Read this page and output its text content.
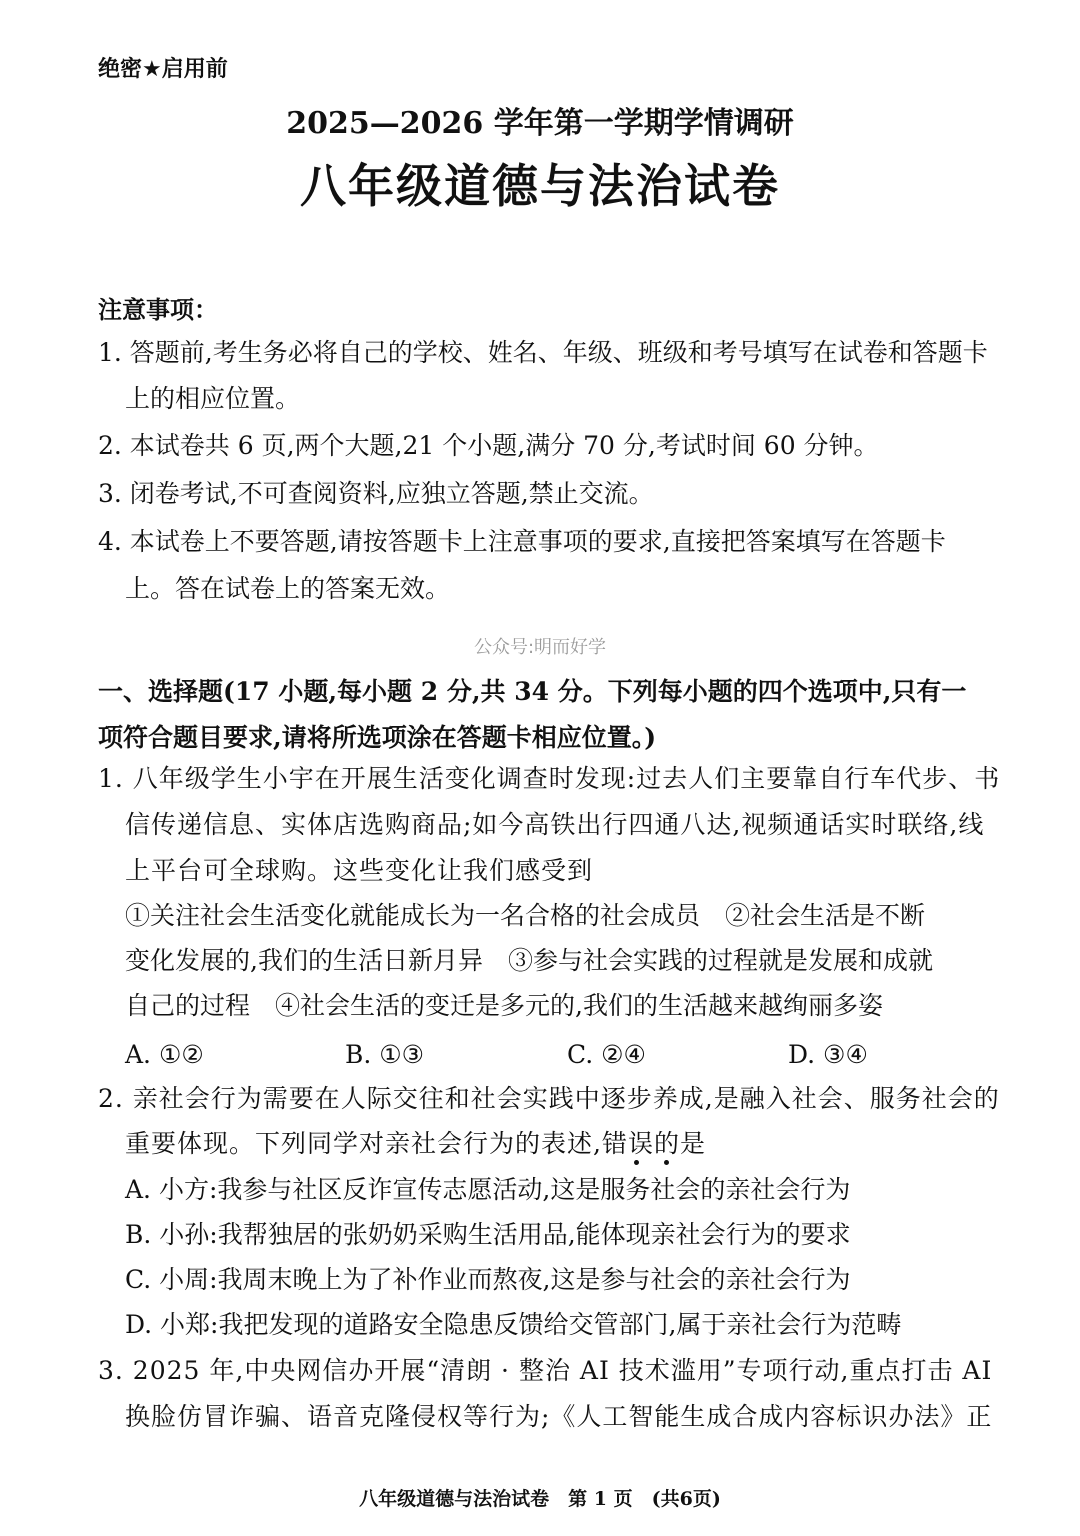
绝密★启用前
2025—2026 学年第一学期学情调研
八年级道德与法治试卷
注意事项：
1. 答题前,考生务必将自己的学校、姓名、年级、班级和考号填写在试卷和答题卡
上的相应位置。
2. 本试卷共 6 页,两个大题,21 个小题,满分 70 分,考试时间 60 分钟。
3. 闭卷考试,不可查阅资料,应独立答题,禁止交流。
4. 本试卷上不要答题,请按答题卡上注意事项的要求,直接把答案填写在答题卡
上。答在试卷上的答案无效。
公众号:明而好学
一、选择题(17 小题,每小题 2 分,共 34 分。下列每小题的四个选项中,只有一
项符合题目要求,请将所选项涂在答题卡相应位置。)
1. 八年级学生小宇在开展生活变化调查时发现:过去人们主要靠自行车代步、书
信传递信息、实体店选购商品;如今高铁出行四通八达,视频通话实时联络,线
上平台可全球购。这些变化让我们感受到
①关注社会生活变化就能成长为一名合格的社会成员　②社会生活是不断
变化发展的,我们的生活日新月异　③参与社会实践的过程就是发展和成就
自己的过程　④社会生活的变迁是多元的,我们的生活越来越绚丽多姿
A. ①②	B. ①③	C. ②④	D. ③④
2. 亲社会行为需要在人际交往和社会实践中逐步养成,是融入社会、服务社会的
重要体现。下列同学对亲社会行为的表述,错误的是
A. 小方:我参与社区反诈宣传志愿活动,这是服务社会的亲社会行为
B. 小孙:我帮独居的张奶奶采购生活用品,能体现亲社会行为的要求
C. 小周:我周末晚上为了补作业而熬夜,这是参与社会的亲社会行为
D. 小郑:我把发现的道路安全隐患反馈给交管部门,属于亲社会行为范畴
3. 2025 年,中央网信办开展“清朗 · 整治 AI 技术滥用”专项行动,重点打击 AI
换脸仿冒诈骗、语音克隆侵权等行为;《人工智能生成合成内容标识办法》正
八年级道德与法治试卷　第 1 页　(共6页)
